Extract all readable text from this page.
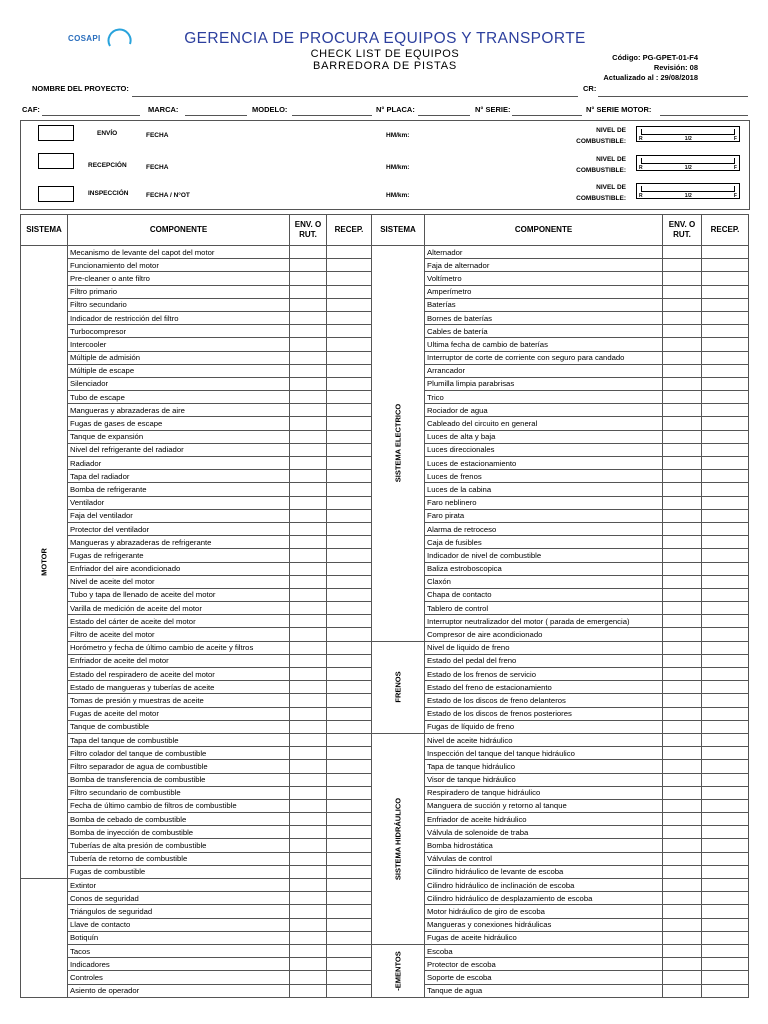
COSAPI	GERENCIA DE PROCURA EQUIPOS Y TRANSPORTE
CHECK LIST DE EQUIPOS
BARREDORA DE PISTAS
Código: PG-GPET-01-F4
Revisión: 08
Actualizado al : 29/08/2018
NOMBRE DEL PROYECTO:	CR:
CAF:	MARCA:	MODELO:	N° PLACA:	N° SERIE:	N° SERIE MOTOR:
ENVÍO	FECHA	HM/km:
NIVEL DE
COMBUSTIBLE:	R	1/2	F
RECEPCIÓN	FECHA	HM/km:
NIVEL DE
COMBUSTIBLE:	R	1/2	F
INSPECCIÓN	FECHA / N°OT	HM/km:
NIVEL DE
COMBUSTIBLE:	R	1/2	F
SISTEMA	COMPONENTE	ENV. O RUT.	RECEP.	SISTEMA	COMPONENTE	ENV. O RUT.	RECEP.

MOTOR	Mecanismo de levante del capot del motor			SISTEMA ELECTRICO	Alternador		
	Funcionamiento del motor				Faja de alternador		
	Pre-cleaner o ante filtro				Voltímetro		
	Filtro primario				Amperímetro		
	Filtro secundario				Baterías		
	Indicador de restricción del filtro				Bornes de baterías		
	Turbocompresor				Cables de batería		
	Intercooler				Ultima fecha de cambio de baterías		
	Múltiple de admisión				Interruptor de corte de corriente con seguro para candado		
	Múltiple de escape				Arrancador		
	Silenciador				Plumilla limpia parabrisas		
	Tubo de escape				Trico		
	Mangueras y abrazaderas de aire				Rociador de agua		
	Fugas de gases de escape				Cableado del circuito en general		
	Tanque de expansión				Luces de alta y baja		
	Nivel del refrigerante del radiador				Luces direccionales		
	Radiador				Luces de estacionamiento		
	Tapa del radiador				Luces de frenos		
	Bomba de refrigerante				Luces de la cabina		
	Ventilador				Faro neblinero		
	Faja del ventilador				Faro pirata		
	Protector del ventilador				Alarma de retroceso		
	Mangueras y abrazaderas de refrigerante				Caja de fusibles		
	Fugas de refrigerante				Indicador de nivel de combustible		
	Enfriador del aire acondicionado				Baliza estroboscopica		
	Nivel de aceite del motor				Claxón		
	Tubo y tapa de llenado de aceite del motor				Chapa de contacto		
	Varilla de medición de aceite del motor				Tablero de control		
	Estado del cárter de aceite del motor				Interruptor neutralizador del motor ( parada de emergencia)		
	Filtro de aceite del motor				Compresor de aire acondicionado		
	Horómetro y fecha de último cambio de aceite y filtros			FRENOS	Nivel de liquido de freno		
	Enfriador de aceite del motor				Estado del pedal del freno		
	Estado del respiradero de aceite del motor				Estado de los frenos de servicio		
	Estado de mangueras y tuberías de aceite				Estado del freno de estacionamiento		
	Tomas de presión y muestras de aceite				Estado de los discos de freno delanteros		
	Fugas de aceite del motor				Estado de los discos de frenos posteriores		
	Tanque de combustible				Fugas de líquido de freno		
	Tapa del tanque de combustible			SISTEMA HIDRÁULICO	Nivel de aceite hidráulico		
	Filtro colador del tanque de combustible				Inspección del tanque del tanque hidráulico		
	Filtro separador de agua de combustible				Tapa de tanque hidráulico		
	Bomba de transferencia de combustible				Visor de tanque hidráulico		
	Filtro secundario de combustible				Respiradero de tanque hidráulico		
	Fecha de último cambio de filtros de combustible				Manguera de succión y retorno al tanque		
	Bomba de cebado de combustible				Enfriador de aceite hidráulico		
	Bomba de inyección de combustible				Válvula de solenoide de traba		
	Tuberías de alta presión de combustible				Bomba hidrostática		
	Tubería de retorno de combustible				Válvulas de control		
	Fugas de combustible				Cilindro hidráulico de levante de escoba		
	Extintor				Cilindro hidráulico de inclinación de escoba		
	Conos de seguridad				Cilindro hidráulico de desplazamiento de escoba		
	Triángulos de seguridad				Motor hidráulico de giro de escoba		
	Llave de contacto				Mangueras y conexiones hidráulicas		
	Botiquín				Fugas de aceite hidráulico		
	Tacos			-EMENTOS	Escoba		
	Indicadores				Protector de escoba		
	Controles				Soporte de escoba		
	Asiento de operador				Tanque de agua		
